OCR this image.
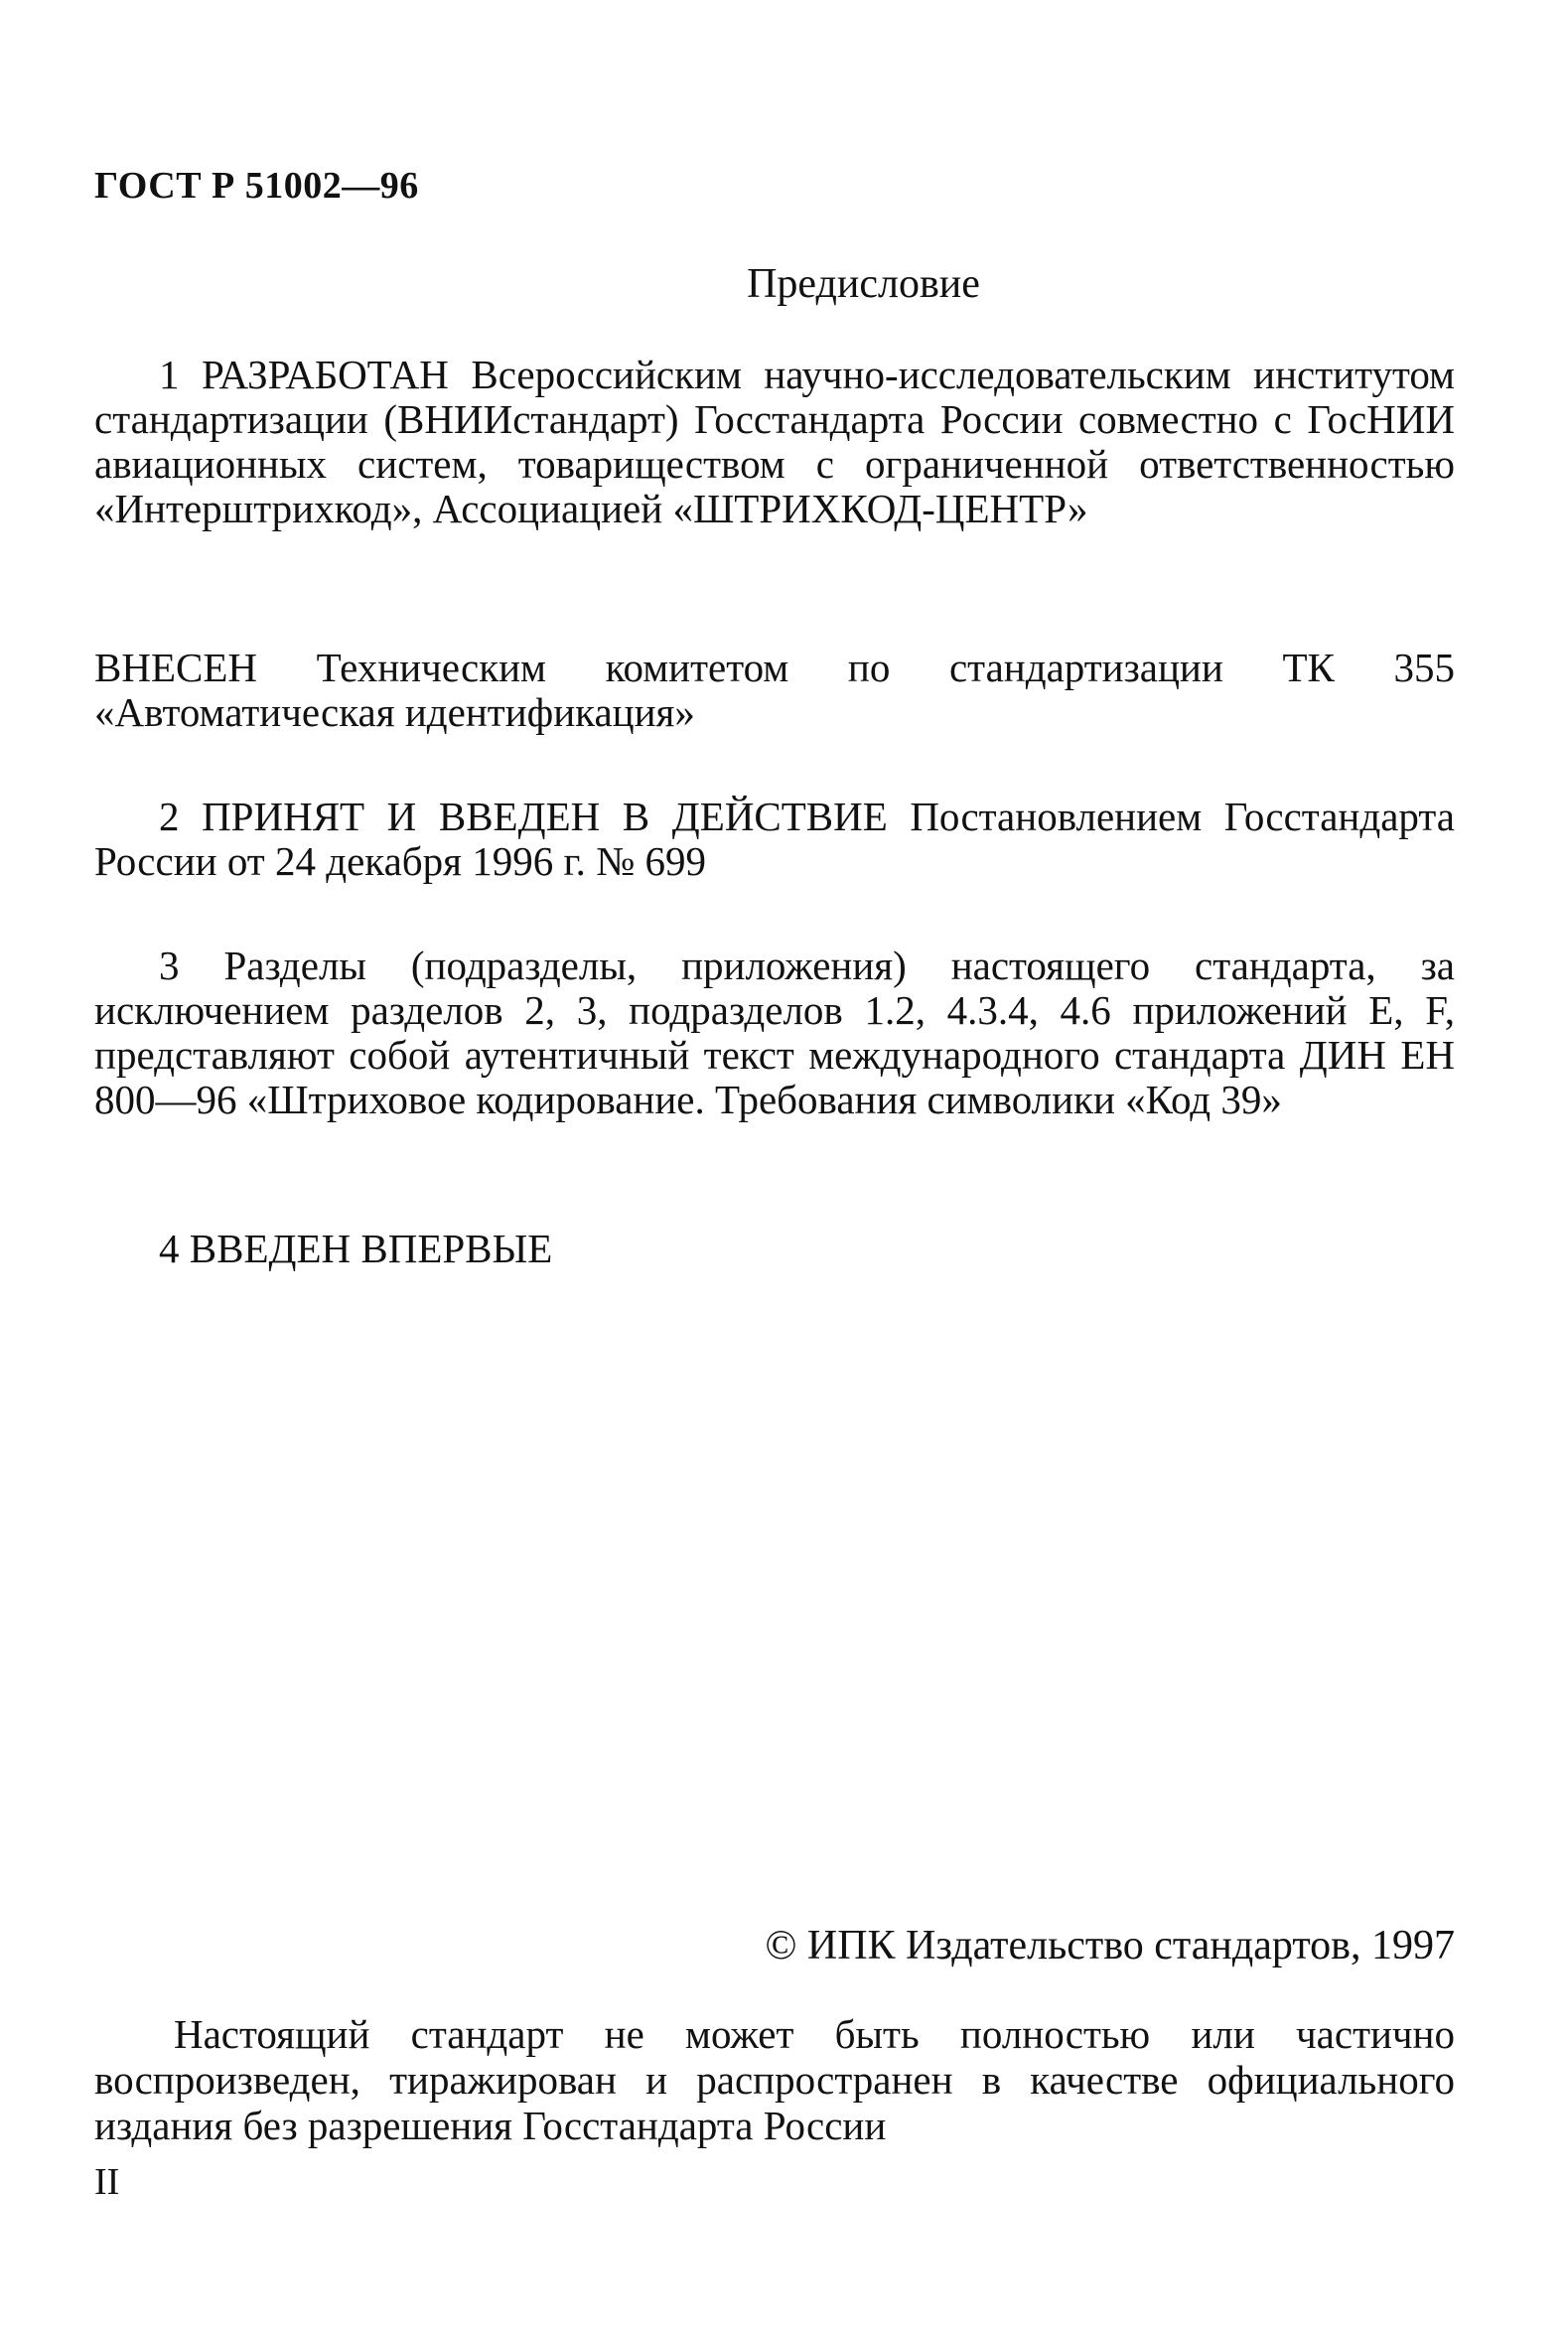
ГОСТ Р 51002—96
Предисловие
1 РАЗРАБОТАН Всероссийским научно-исследовательским институтом стандартизации (ВНИИстандарт) Госстандарта России совместно с ГосНИИ авиационных систем, товариществом с ограниченной ответственностью «Интерштрихкод», Ассоциацией «ШТРИХКОД-ЦЕНТР»
ВНЕСЕН Техническим комитетом по стандартизации ТК 355 «Автоматическая идентификация»
2 ПРИНЯТ И ВВЕДЕН В ДЕЙСТВИЕ Постановлением Госстандарта России от 24 декабря 1996 г. № 699
3 Разделы (подразделы, приложения) настоящего стандарта, за исключением разделов 2, 3, подразделов 1.2, 4.3.4, 4.6 приложений E, F, представляют собой аутентичный текст международного стандарта ДИН ЕН 800—96 «Штриховое кодирование. Требования символики «Код 39»
4 ВВЕДЕН ВПЕРВЫЕ
© ИПК Издательство стандартов, 1997
Настоящий стандарт не может быть полностью или частично воспроизведен, тиражирован и распространен в качестве официального издания без разрешения Госстандарта России
II
